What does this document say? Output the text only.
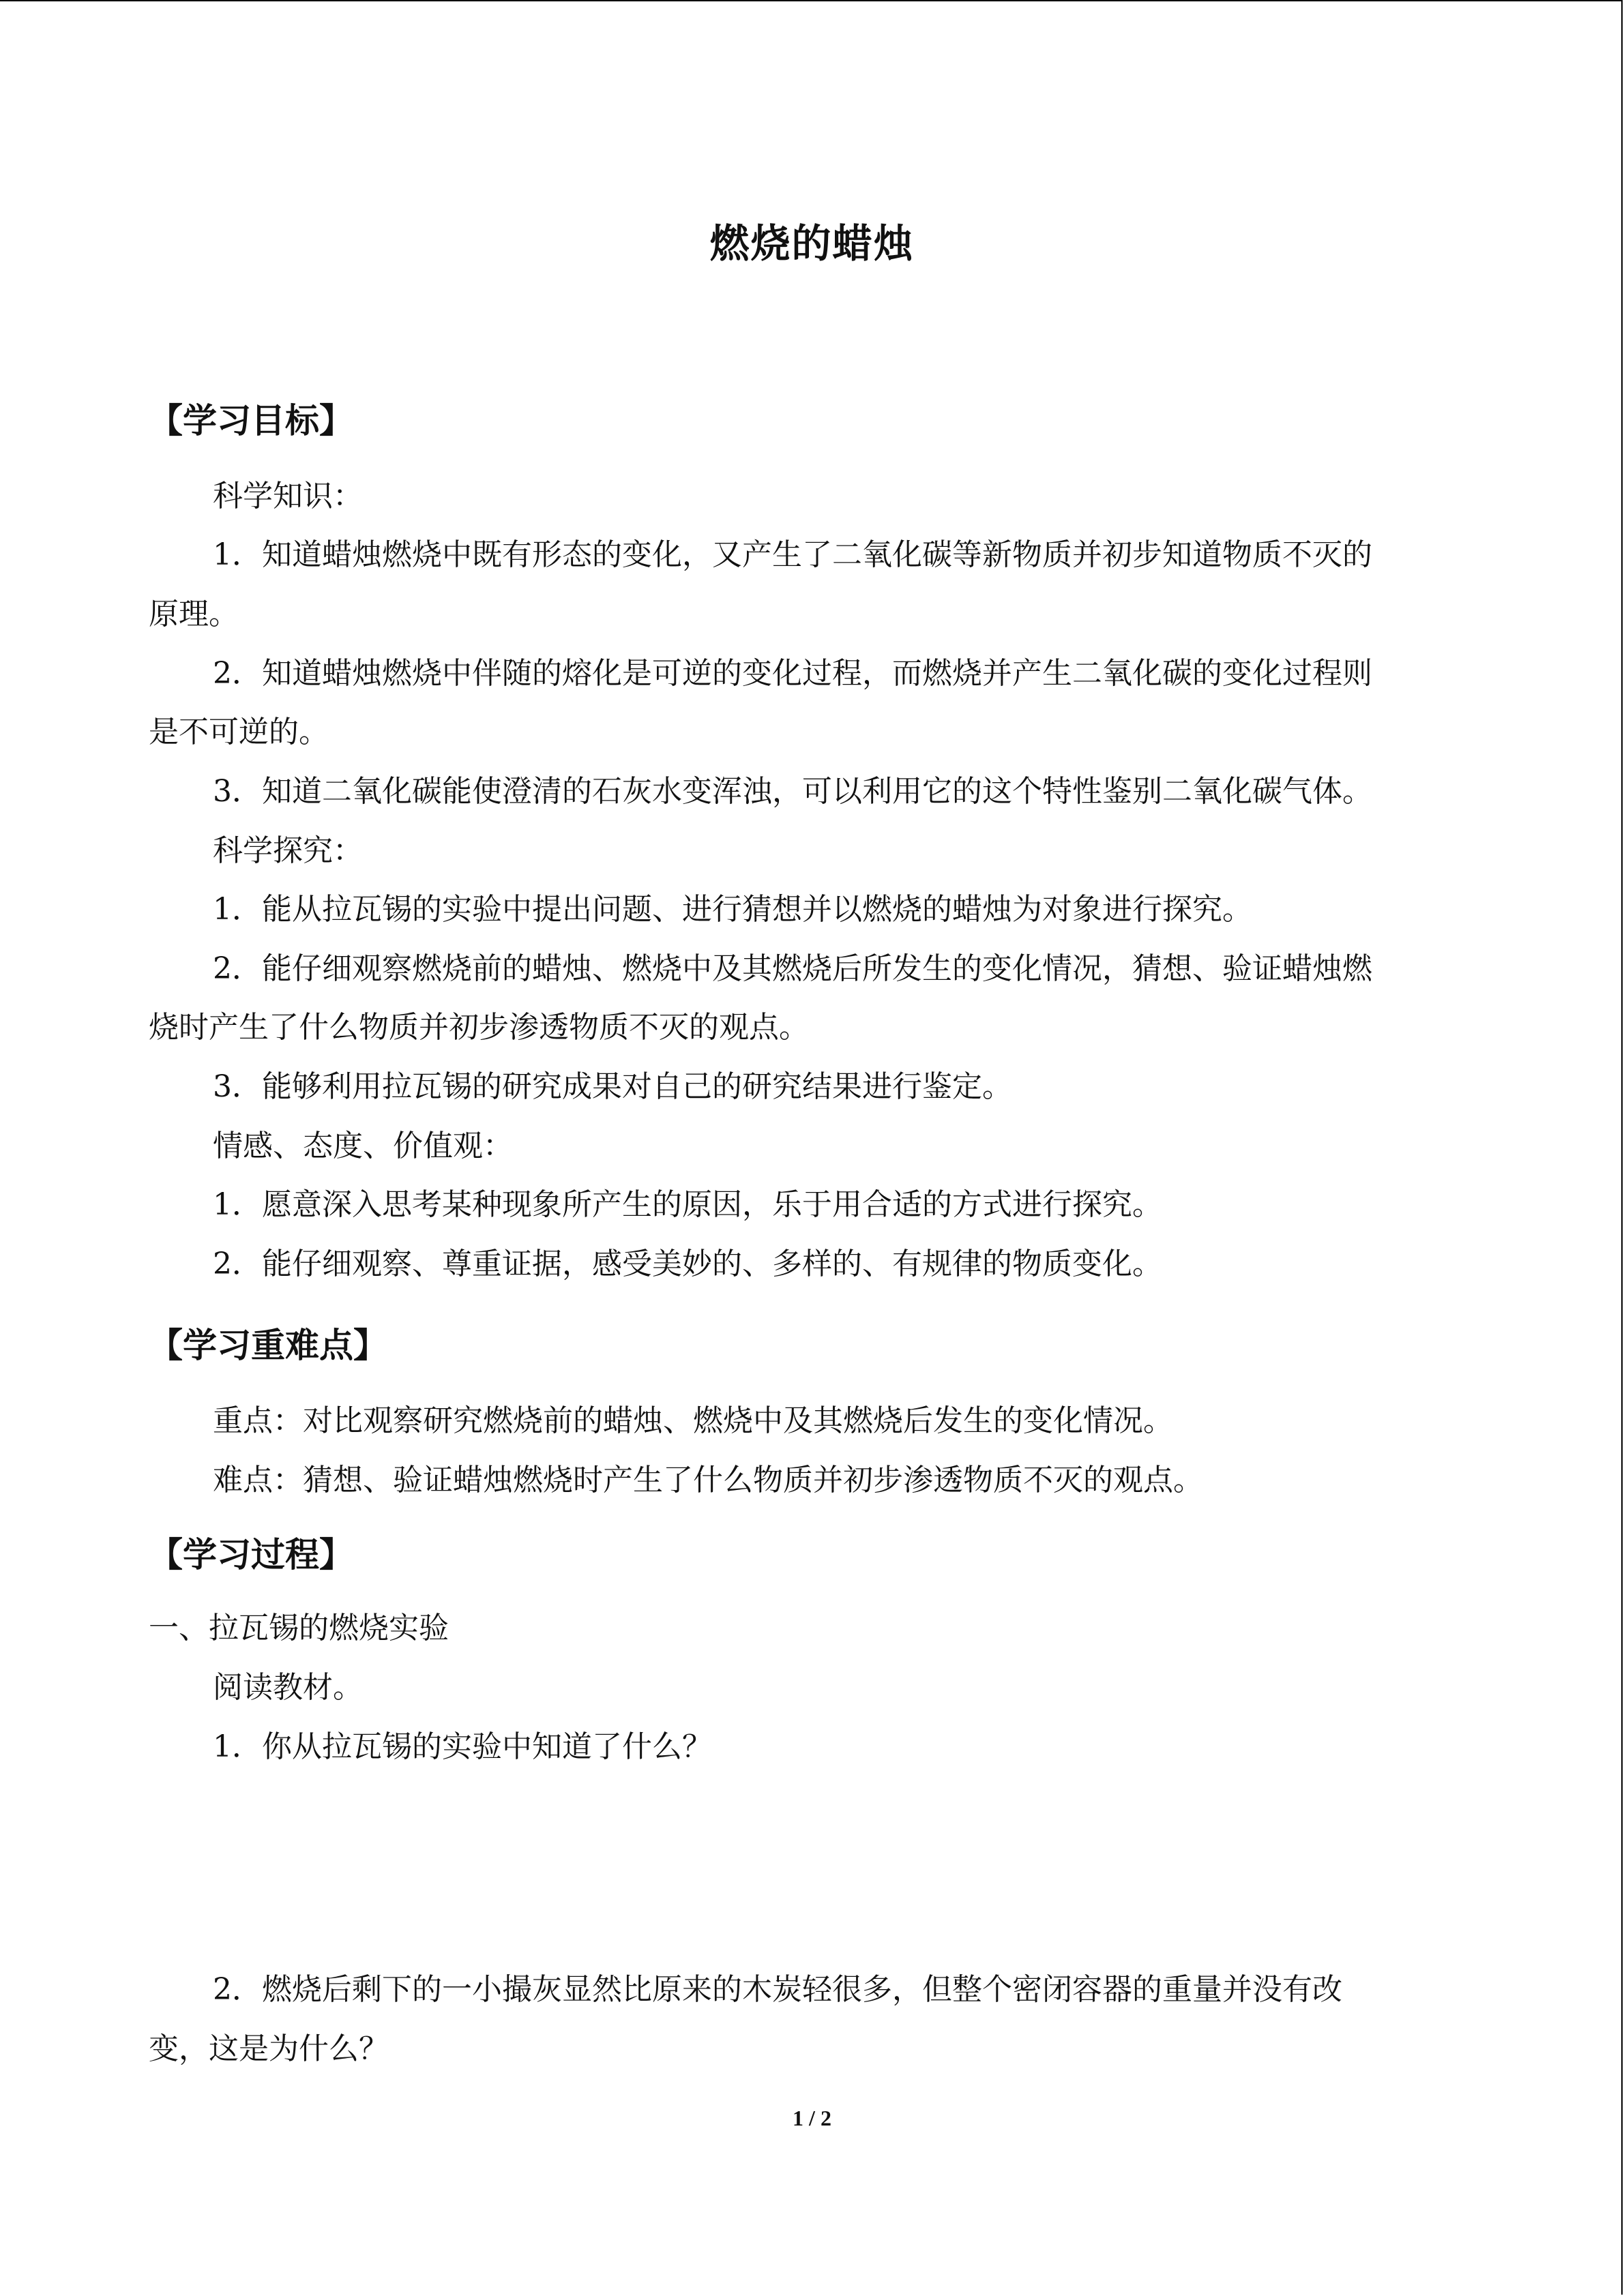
燃烧的蜡烛
【学习目标】
科学知识：
1．知道蜡烛燃烧中既有形态的变化，又产生了二氧化碳等新物质并初步知道物质不灭的
原理。
2．知道蜡烛燃烧中伴随的熔化是可逆的变化过程，而燃烧并产生二氧化碳的变化过程则
是不可逆的。
3．知道二氧化碳能使澄清的石灰水变浑浊，可以利用它的这个特性鉴别二氧化碳气体。
科学探究：
1．能从拉瓦锡的实验中提出问题、进行猜想并以燃烧的蜡烛为对象进行探究。
2．能仔细观察燃烧前的蜡烛、燃烧中及其燃烧后所发生的变化情况，猜想、验证蜡烛燃
烧时产生了什么物质并初步渗透物质不灭的观点。
3．能够利用拉瓦锡的研究成果对自己的研究结果进行鉴定。
情感、态度、价值观：
1．愿意深入思考某种现象所产生的原因，乐于用合适的方式进行探究。
2．能仔细观察、尊重证据，感受美妙的、多样的、有规律的物质变化。
【学习重难点】
重点：对比观察研究燃烧前的蜡烛、燃烧中及其燃烧后发生的变化情况。
难点：猜想、验证蜡烛燃烧时产生了什么物质并初步渗透物质不灭的观点。
【学习过程】
一、拉瓦锡的燃烧实验
阅读教材。
1．你从拉瓦锡的实验中知道了什么？
2．燃烧后剩下的一小撮灰显然比原来的木炭轻很多，但整个密闭容器的重量并没有改
变，这是为什么？
1 / 2
